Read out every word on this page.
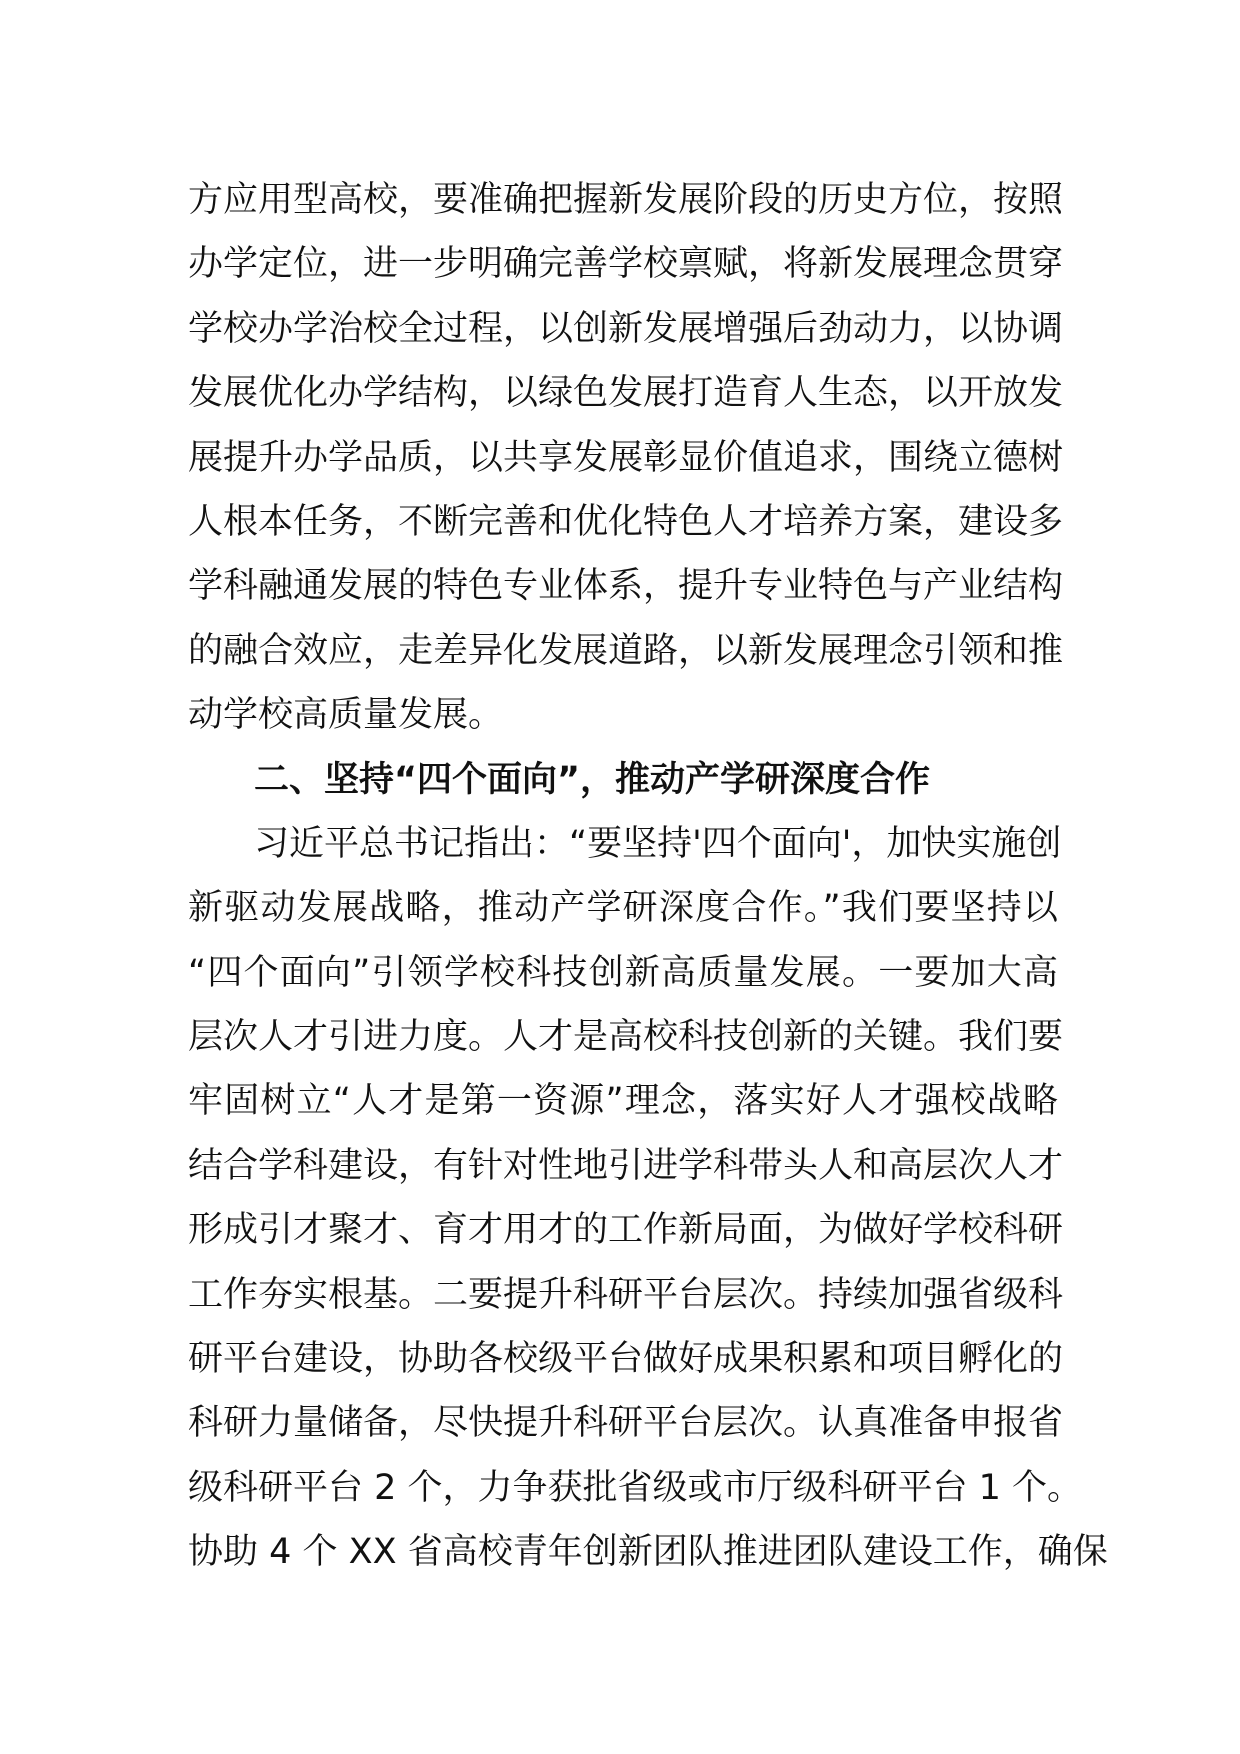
方应用型高校，要准确把握新发展阶段的历史方位，按照
办学定位，进一步明确完善学校禀赋，将新发展理念贯穿
学校办学治校全过程，以创新发展增强后劲动力，以协调
发展优化办学结构，以绿色发展打造育人生态，以开放发
展提升办学品质，以共享发展彰显价值追求，围绕立德树
人根本任务，不断完善和优化特色人才培养方案，建设多
学科融通发展的特色专业体系，提升专业特色与产业结构
的融合效应，走差异化发展道路，以新发展理念引领和推
动学校高质量发展。
二、坚持“四个面向”，推动产学研深度合作
习近平总书记指出：“要坚持'四个面向'，加快实施创
新驱动发展战略，推动产学研深度合作。”我们要坚持以
“四个面向”引领学校科技创新高质量发展。一要加大高
层次人才引进力度。人才是高校科技创新的关键。我们要
牢固树立“人才是第一资源”理念，落实好人才强校战略
结合学科建设，有针对性地引进学科带头人和高层次人才
形成引才聚才、育才用才的工作新局面，为做好学校科研
工作夯实根基。二要提升科研平台层次。持续加强省级科
研平台建设，协助各校级平台做好成果积累和项目孵化的
科研力量储备，尽快提升科研平台层次。认真准备申报省
级科研平台 2 个，力争获批省级或市厅级科研平台 1 个。
协助 4 个 XX 省高校青年创新团队推进团队建设工作，确保
